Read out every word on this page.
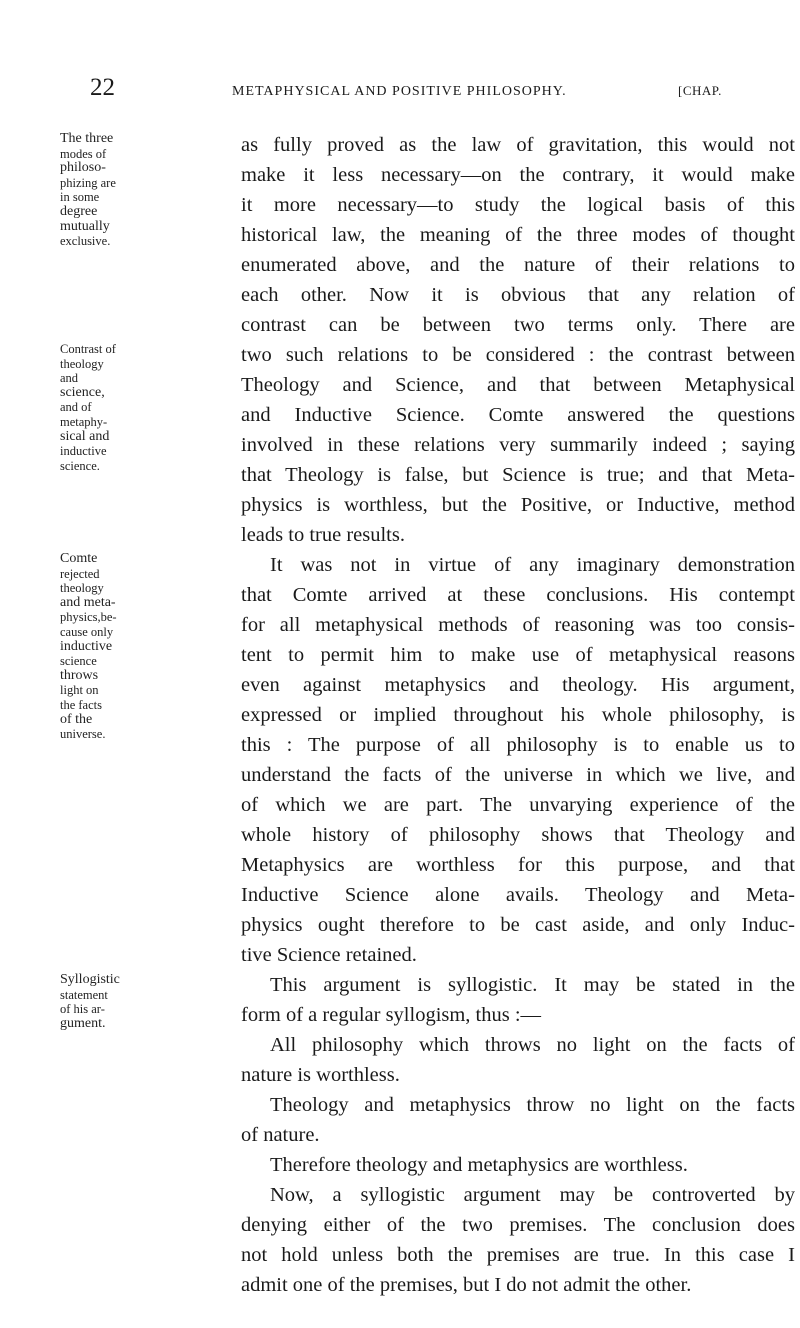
22	METAPHYSICAL AND POSITIVE PHILOSOPHY.	[CHAP.
as fully proved as the law of gravitation, this would not
make it less necessary—on the contrary, it would make
it more necessary—to study the logical basis of this
historical law, the meaning of the three modes of thought
enumerated above, and the nature of their relations to
each other. Now it is obvious that any relation of
contrast can be between two terms only. There are
two such relations to be considered : the contrast between
Theology and Science, and that between Metaphysical
and Inductive Science. Comte answered the questions
involved in these relations very summarily indeed ; saying
that Theology is false, but Science is true; and that Meta-
physics is worthless, but the Positive, or Inductive, method
leads to true results.
It was not in virtue of any imaginary demonstration
that Comte arrived at these conclusions. His contempt
for all metaphysical methods of reasoning was too consis-
tent to permit him to make use of metaphysical reasons
even against metaphysics and theology. His argument,
expressed or implied throughout his whole philosophy, is
this : The purpose of all philosophy is to enable us to
understand the facts of the universe in which we live, and
of which we are part. The unvarying experience of the
whole history of philosophy shows that Theology and
Metaphysics are worthless for this purpose, and that
Inductive Science alone avails. Theology and Meta-
physics ought therefore to be cast aside, and only Induc-
tive Science retained.
This argument is syllogistic. It may be stated in the
form of a regular syllogism, thus :—
All philosophy which throws no light on the facts of
nature is worthless.
Theology and metaphysics throw no light on the facts
of nature.
Therefore theology and metaphysics are worthless.
Now, a syllogistic argument may be controverted by
denying either of the two premises. The conclusion does
not hold unless both the premises are true. In this case I
admit one of the premises, but I do not admit the other.
The three
modes of
philoso-
phizing are
in some
degree
mutually
exclusive.
Contrast of
theology
and
science,
and of
metaphy-
sical and
inductive
science.
Comte
rejected
theology
and meta-
physics,be-
cause only
inductive
science
throws
light on
the facts
of the
universe.
Syllogistic
statement
of his ar-
gument.
